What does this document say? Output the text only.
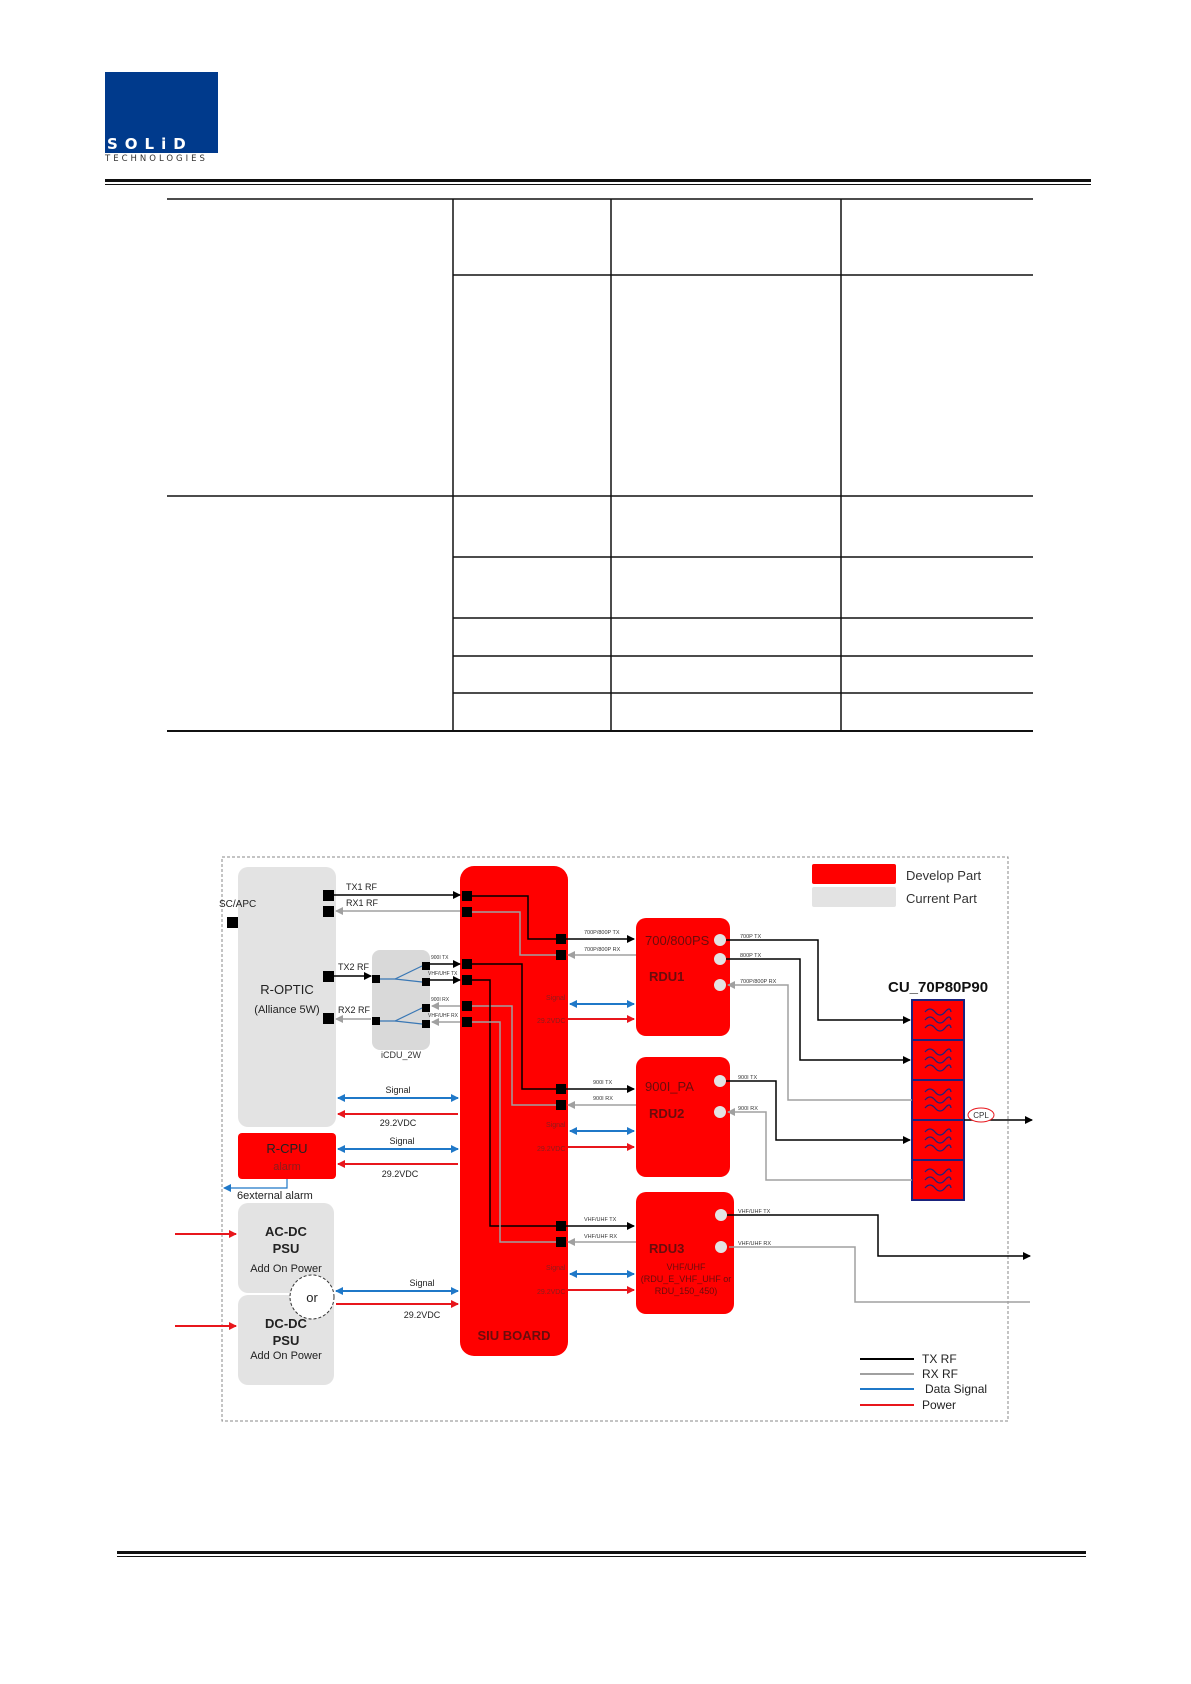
SOLiD
TECHNOLOGIES
Develop Part
Current Part
R-OPTIC
(Alliance 5W)
SC/APC
iCDU_2W
900I TX
VHF/UHF TX
900I RX
VHF/UHF RX
R-CPU
alarm
6external alarm
AC-DC
PSU
Add On Power
DC-DC
PSU
Add On Power
or
SIU BOARD
TX1 RF
RX1 RF
TX2 RF
RX2 RF
Signal
29.2VDC
Signal
29.2VDC
Signal
29.2VDC
700/800PS
RDU1
900I_PA
RDU2
RDU3
VHF/UHF
(RDU_E_VHF_UHF or
RDU_150_450)
700P/800P TX
700P/800P RX
900I TX
900I RX
VHF/UHF TX
VHF/UHF RX
Signal
29.2VDC
Signal
29.2VDC
Signal
29.2VDC
CU_70P80P90
CPL
700P TX
800P TX
700P/800P RX
900I TX
900I RX
VHF/UHF TX
VHF/UHF RX
TX RF
RX RF
Data Signal
Power
